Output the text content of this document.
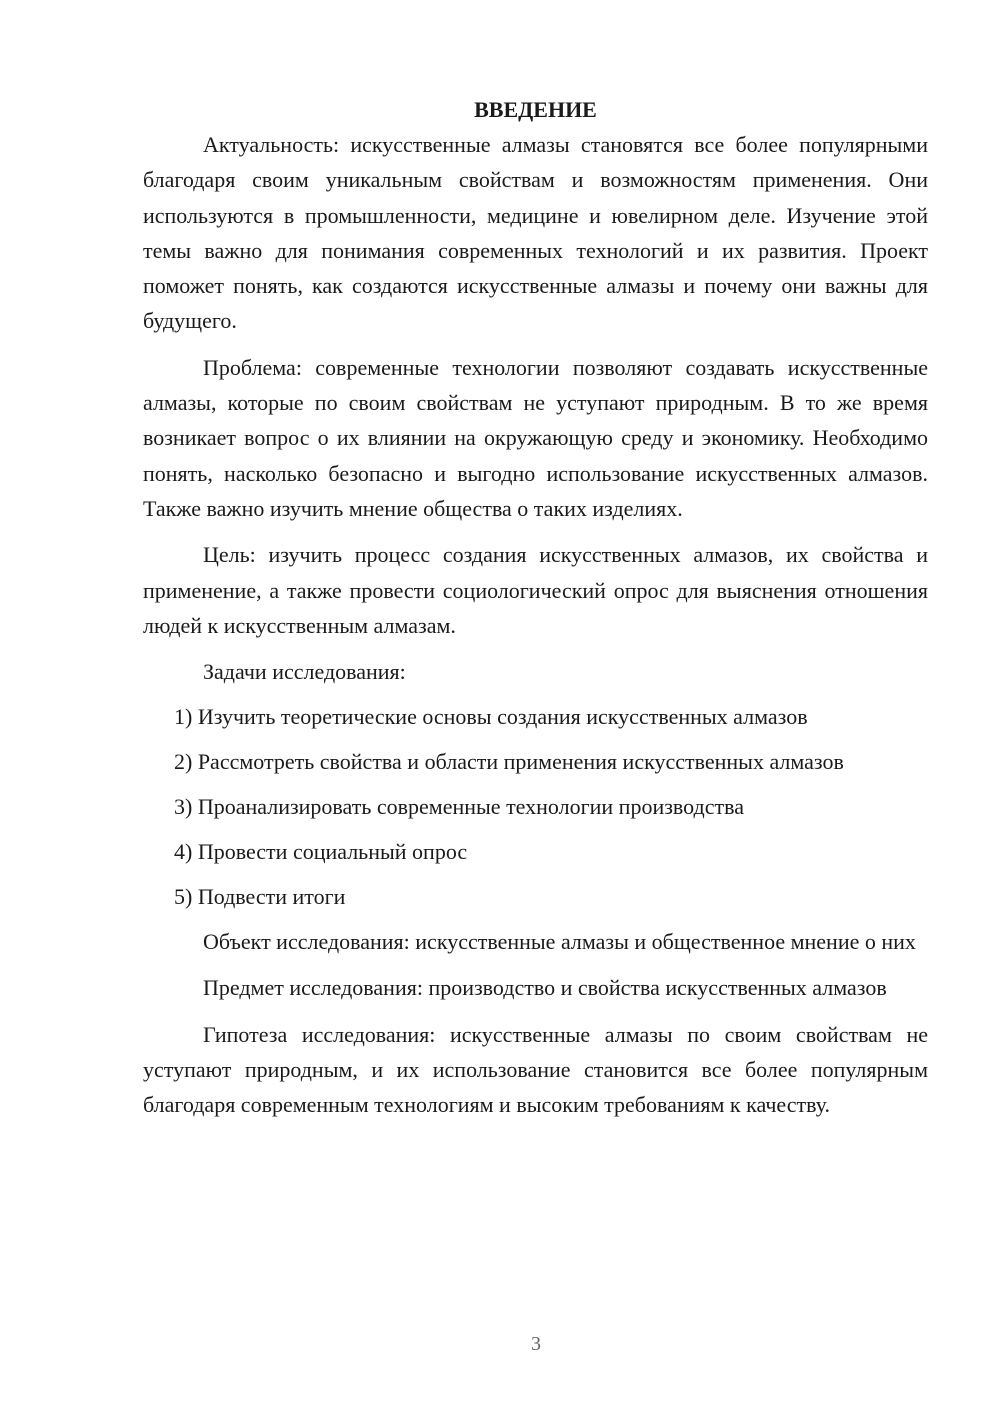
ВВЕДЕНИЕ

Актуальность: искусственные алмазы становятся все более популярными благодаря своим уникальным свойствам и возможностям применения. Они используются в промышленности, медицине и ювелирном деле. Изучение этой темы важно для понимания современных технологий и их развития. Проект поможет понять, как создаются искусственные алмазы и почему они важны для будущего.

Проблема: современные технологии позволяют создавать искусственные алмазы, которые по своим свойствам не уступают природным. В то же время возникает вопрос о их влиянии на окружающую среду и экономику. Необходимо понять, насколько безопасно и выгодно использование искусственных алмазов. Также важно изучить мнение общества о таких изделиях.

Цель: изучить процесс создания искусственных алмазов, их свойства и применение, а также провести социологический опрос для выяснения отношения людей к искусственным алмазам.

Задачи исследования:
1) Изучить теоретические основы создания искусственных алмазов
2) Рассмотреть свойства и области применения искусственных алмазов
3) Проанализировать современные технологии производства
4) Провести социальный опрос
5) Подвести итоги

Объект исследования: искусственные алмазы и общественное мнение о них

Предмет исследования: производство и свойства искусственных алмазов

Гипотеза исследования: искусственные алмазы по своим свойствам не уступают природным, и их использование становится все более популярным благодаря современным технологиям и высоким требованиям к качеству.

3
